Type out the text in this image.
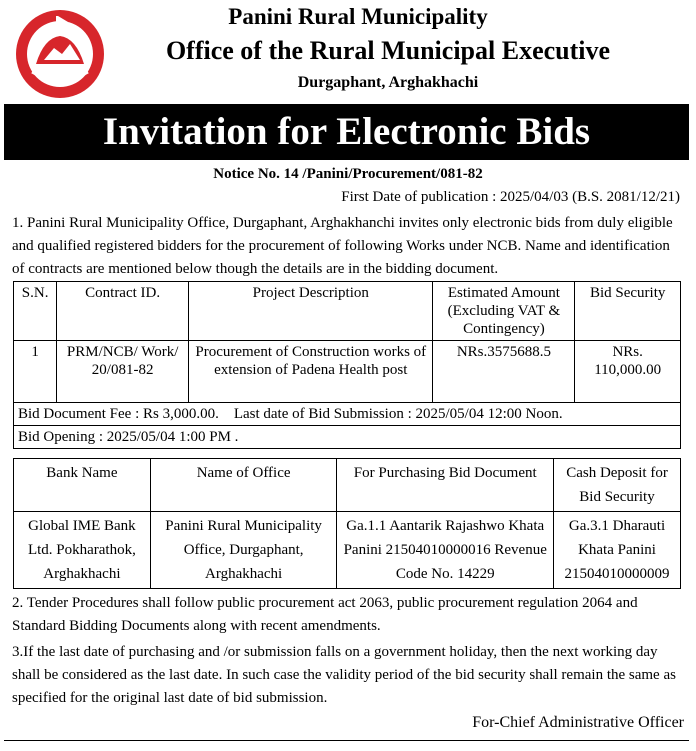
Panini Rural Municipality
Office of the Rural Municipal Executive
Durgaphant, Arghakhachi
Invitation for Electronic Bids
Notice No. 14 /Panini/Procurement/081-82
First Date of publication : 2025/04/03 (B.S. 2081/12/21)
1. Panini Rural Municipality Office, Durgaphant, Arghakhanchi invites only electronic bids from duly eligible and qualified registered bidders for the procurement of following Works under NCB. Name and identification of contracts are mentioned below though the details are in the bidding document.
S.N.	Contract ID.	Project Description	Estimated Amount (Excluding VAT & Contingency)	Bid Security
1	PRM/NCB/ Work/ 20/081-82	Procurement of Construction works of extension of Padena Health post	NRs.3575688.5	NRs. 110,000.00
Bid Document Fee : Rs 3,000.00.    Last date of Bid Submission : 2025/05/04 12:00 Noon.				
Bid Opening : 2025/05/04 1:00 PM .				
Bank Name	Name of Office	For Purchasing Bid Document	Cash Deposit for Bid Security
Global IME Bank Ltd. Pokharathok, Arghakhachi	Panini Rural Municipality Office, Durgaphant, Arghakhachi	Ga.1.1 Aantarik Rajashwo Khata Panini 21504010000016 Revenue Code No. 14229	Ga.3.1 Dharauti Khata Panini 21504010000009
2. Tender Procedures shall follow public procurement act 2063, public procurement regulation 2064 and Standard Bidding Documents along with recent amendments.
3.If the last date of purchasing and /or submission falls on a government holiday, then the next working day shall be considered as the last date. In such case the validity period of the bid security shall remain the same as specified for the original last date of bid submission.
For-Chief Administrative Officer
